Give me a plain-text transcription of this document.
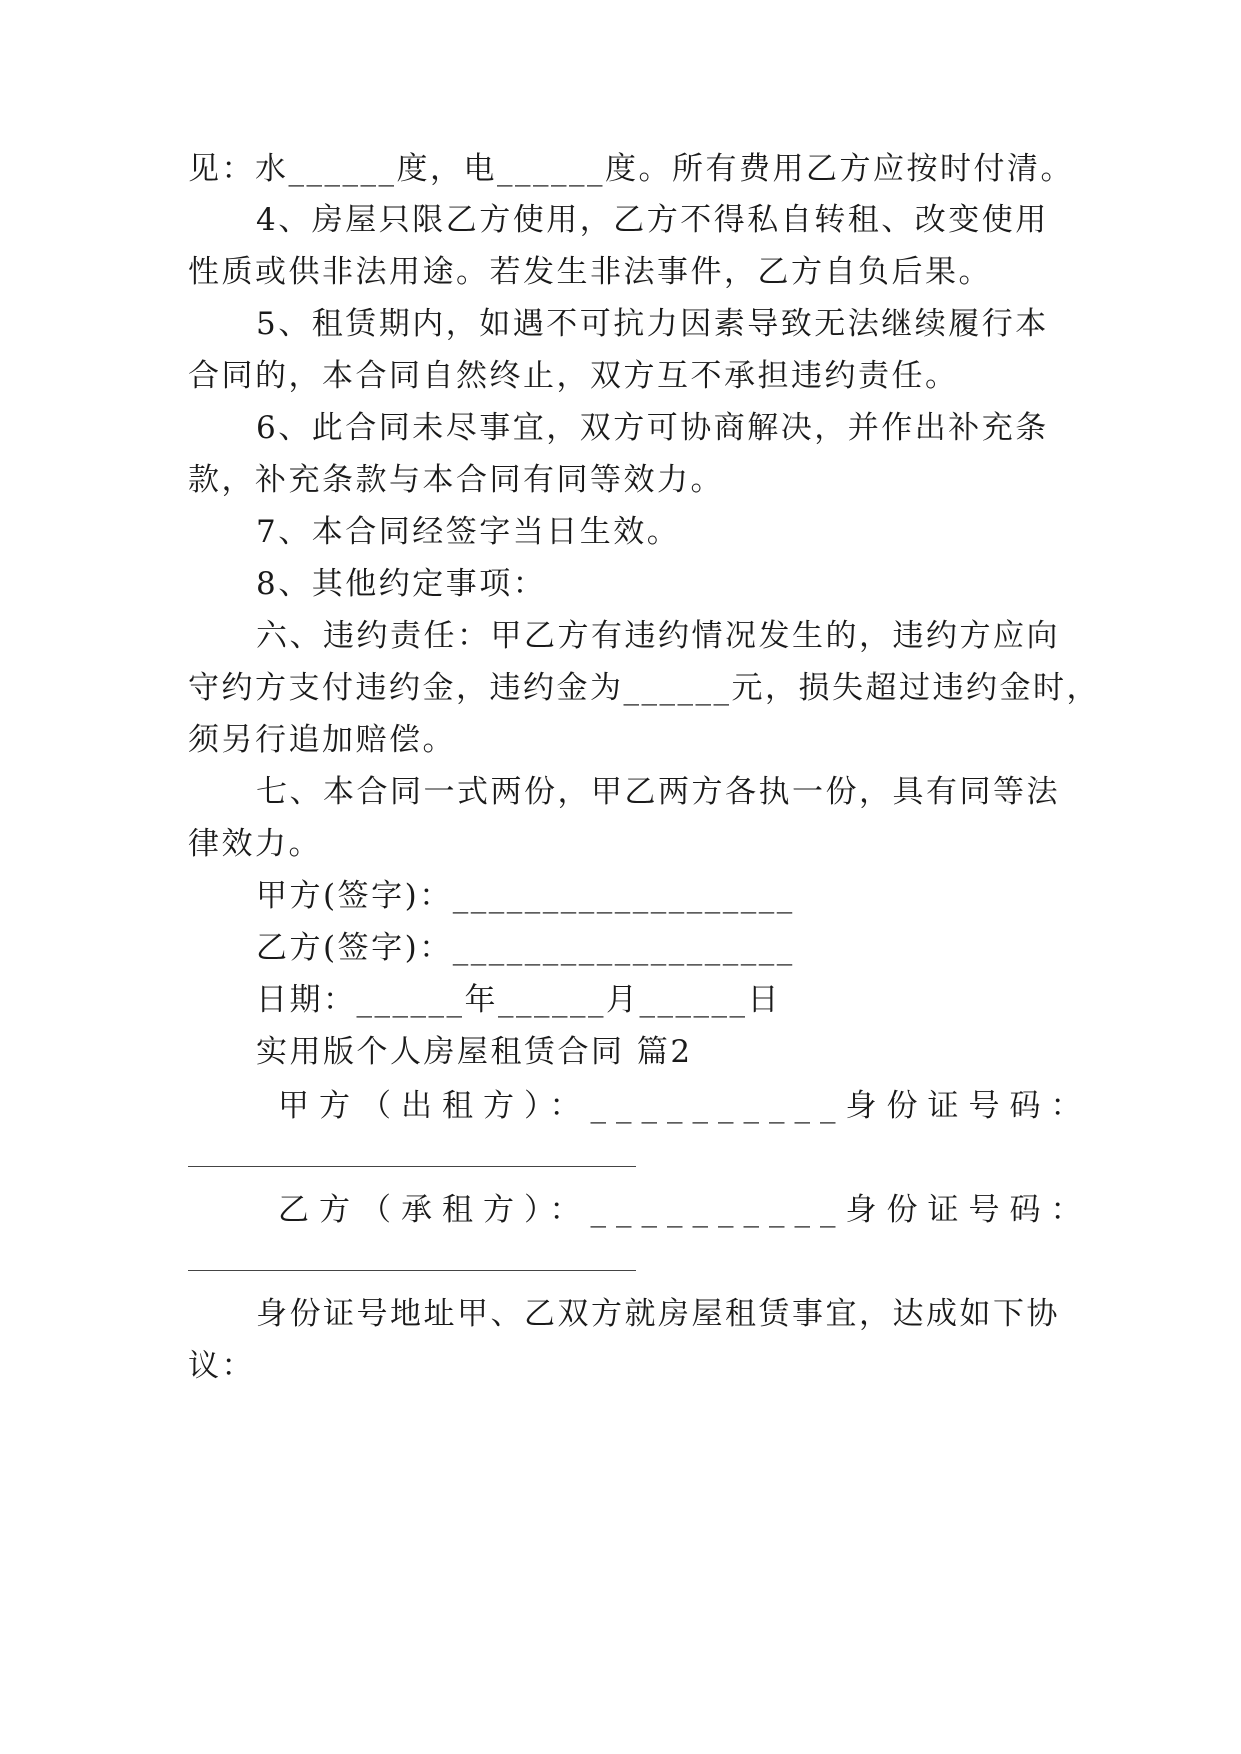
见：水______度，电______度。所有费用乙方应按时付清。
4、房屋只限乙方使用，乙方不得私自转租、改变使用
性质或供非法用途。若发生非法事件，乙方自负后果。
5、租赁期内，如遇不可抗力因素导致无法继续履行本
合同的，本合同自然终止，双方互不承担违约责任。
6、此合同未尽事宜，双方可协商解决，并作出补充条
款，补充条款与本合同有同等效力。
7、本合同经签字当日生效。
8、其他约定事项：
六、违约责任：甲乙方有违约情况发生的，违约方应向
守约方支付违约金，违约金为______元，损失超过违约金时，
须另行追加赔偿。
七、本合同一式两份，甲乙两方各执一份，具有同等法
律效力。
甲方(签字)：___________________
乙方(签字)：___________________
日期：______年______月______日
实用版个人房屋租赁合同 篇2
甲方（出租方）：__________身份证号码：
乙方（承租方）：__________身份证号码：
身份证号地址甲、乙双方就房屋租赁事宜，达成如下协
议：
